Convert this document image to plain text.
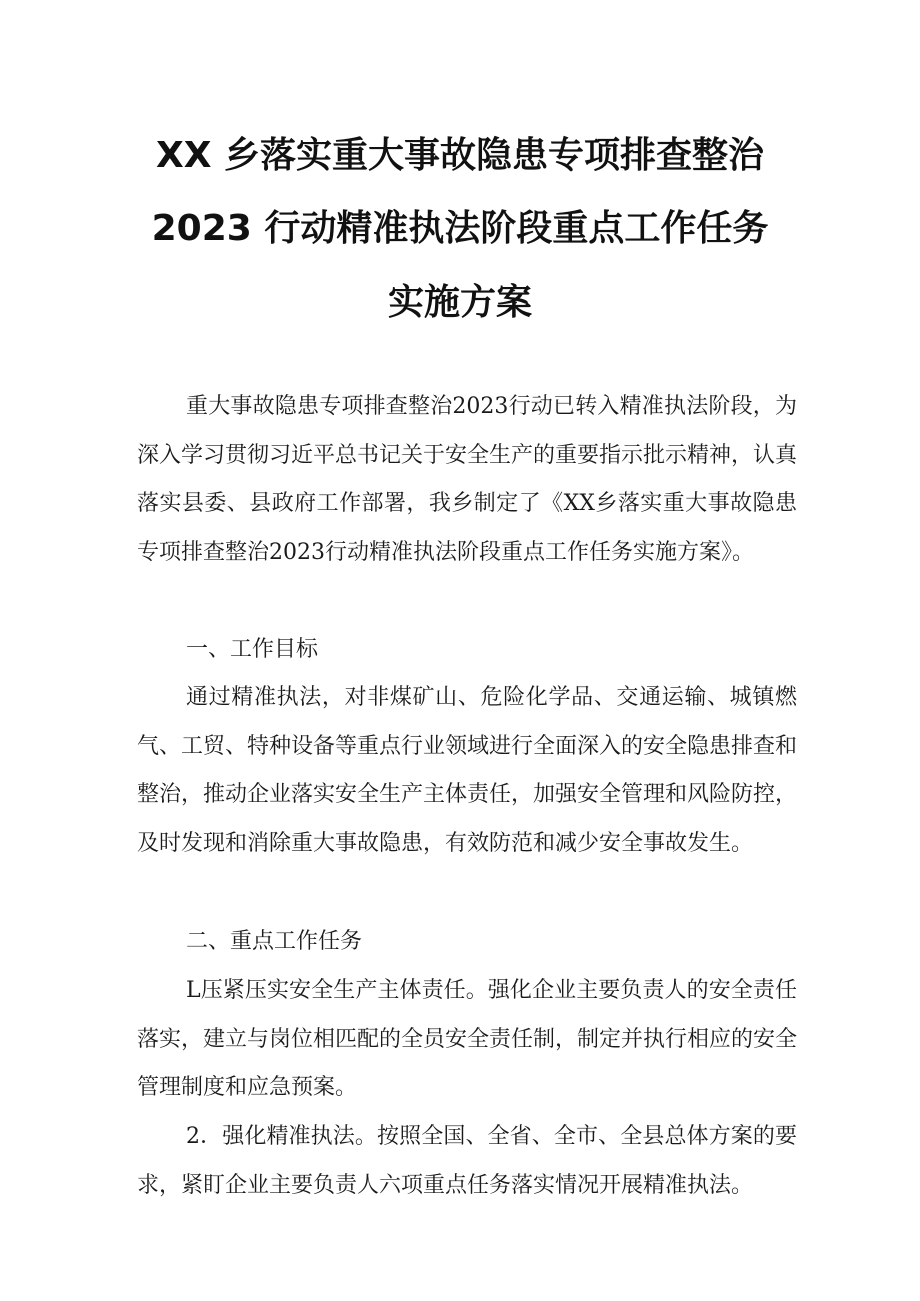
XX 乡落实重大事故隐患专项排查整治
2023 行动精准执法阶段重点工作任务
实施方案

重大事故隐患专项排查整治2023行动已转入精准执法阶段，为深入学习贯彻习近平总书记关于安全生产的重要指示批示精神，认真落实县委、县政府工作部署，我乡制定了《XX乡落实重大事故隐患专项排查整治2023行动精准执法阶段重点工作任务实施方案》。

一、工作目标

通过精准执法，对非煤矿山、危险化学品、交通运输、城镇燃气、工贸、特种设备等重点行业领域进行全面深入的安全隐患排查和整治，推动企业落实安全生产主体责任，加强安全管理和风险防控，及时发现和消除重大事故隐患，有效防范和减少安全事故发生。

二、重点工作任务

L压紧压实安全生产主体责任。强化企业主要负责人的安全责任落实，建立与岗位相匹配的全员安全责任制，制定并执行相应的安全管理制度和应急预案。

2．强化精准执法。按照全国、全省、全市、全县总体方案的要求，紧盯企业主要负责人六项重点任务落实情况开展精准执法。
